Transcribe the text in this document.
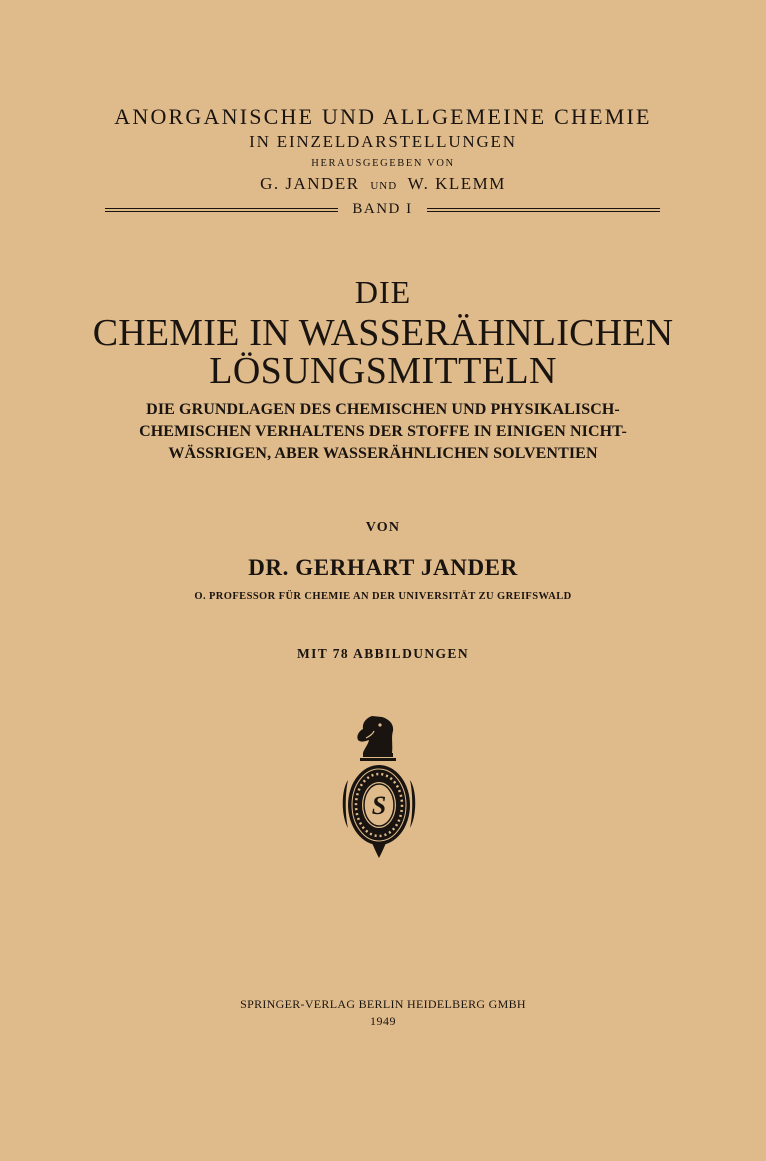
ANORGANISCHE UND ALLGEMEINE CHEMIE
IN EINZELDARSTELLUNGEN
HERAUSGEGEBEN VON
G. JANDER UND W. KLEMM
BAND I
DIE
CHEMIE IN WASSERÄHNLICHEN
LÖSUNGSMITTELN
DIE GRUNDLAGEN DES CHEMISCHEN UND PHYSIKALISCH-
CHEMISCHEN VERHALTENS DER STOFFE IN EINIGEN NICHT-
WÄSSRIGEN, ABER WASSERÄHNLICHEN SOLVENTIEN
VON
DR. GERHART JANDER
O. PROFESSOR FÜR CHEMIE AN DER UNIVERSITÄT ZU GREIFSWALD
MIT 78 ABBILDUNGEN
S
SPRINGER-VERLAG BERLIN HEIDELBERG GMBH
1949
